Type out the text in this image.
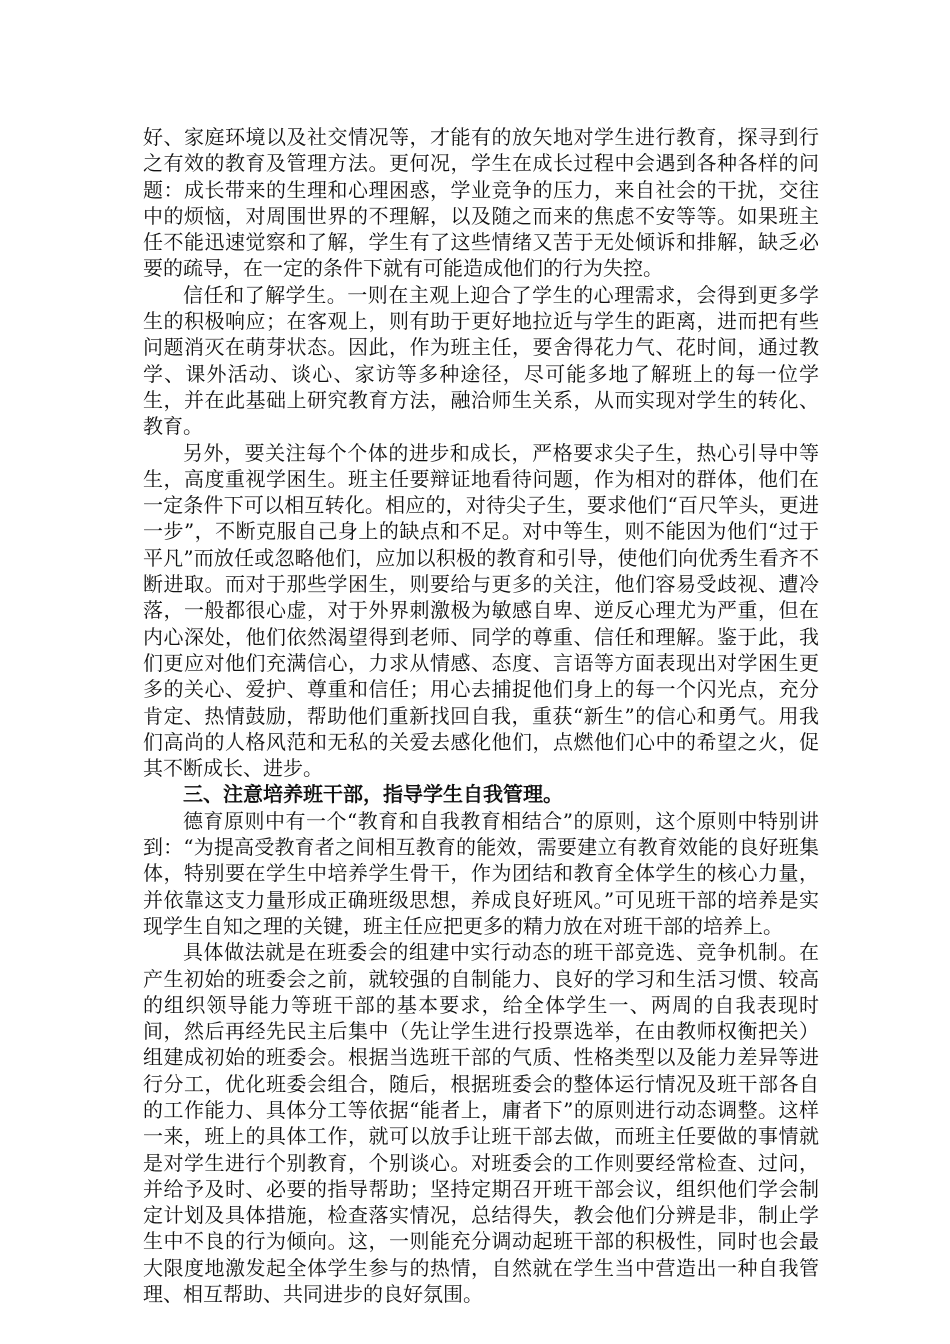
好、家庭环境以及社交情况等，才能有的放矢地对学生进行教育，探寻到行之有效的教育及管理方法。更何况，学生在成长过程中会遇到各种各样的问题：成长带来的生理和心理困惑，学业竞争的压力，来自社会的干扰，交往中的烦恼，对周围世界的不理解，以及随之而来的焦虑不安等等。如果班主任不能迅速觉察和了解，学生有了这些情绪又苦于无处倾诉和排解，缺乏必要的疏导，在一定的条件下就有可能造成他们的行为失控。

信任和了解学生。一则在主观上迎合了学生的心理需求，会得到更多学生的积极响应；在客观上，则有助于更好地拉近与学生的距离，进而把有些问题消灭在萌芽状态。因此，作为班主任，要舍得花力气、花时间，通过教学、课外活动、谈心、家访等多种途径，尽可能多地了解班上的每一位学生，并在此基础上研究教育方法，融洽师生关系，从而实现对学生的转化、教育。

另外，要关注每个个体的进步和成长，严格要求尖子生，热心引导中等生，高度重视学困生。班主任要辩证地看待问题，作为相对的群体，他们在一定条件下可以相互转化。相应的，对待尖子生，要求他们“百尺竿头，更进一步”，不断克服自己身上的缺点和不足。对中等生，则不能因为他们“过于平凡”而放任或忽略他们，应加以积极的教育和引导，使他们向优秀生看齐不断进取。而对于那些学困生，则要给与更多的关注，他们容易受歧视、遭冷落，一般都很心虚，对于外界刺激极为敏感自卑、逆反心理尤为严重，但在内心深处，他们依然渴望得到老师、同学的尊重、信任和理解。鉴于此，我们更应对他们充满信心，力求从情感、态度、言语等方面表现出对学困生更多的关心、爱护、尊重和信任；用心去捕捉他们身上的每一个闪光点，充分肯定、热情鼓励，帮助他们重新找回自我，重获“新生”的信心和勇气。用我们高尚的人格风范和无私的关爱去感化他们，点燃他们心中的希望之火，促其不断成长、进步。

三、注意培养班干部，指导学生自我管理。

德育原则中有一个“教育和自我教育相结合”的原则，这个原则中特别讲到：“为提高受教育者之间相互教育的能效，需要建立有教育效能的良好班集体，特别要在学生中培养学生骨干，作为团结和教育全体学生的核心力量，并依靠这支力量形成正确班级思想，养成良好班风。”可见班干部的培养是实现学生自知之理的关键，班主任应把更多的精力放在对班干部的培养上。

具体做法就是在班委会的组建中实行动态的班干部竞选、竞争机制。在产生初始的班委会之前，就较强的自制能力、良好的学习和生活习惯、较高的组织领导能力等班干部的基本要求，给全体学生一、两周的自我表现时间，然后再经先民主后集中（先让学生进行投票选举，在由教师权衡把关）组建成初始的班委会。根据当选班干部的气质、性格类型以及能力差异等进行分工，优化班委会组合，随后，根据班委会的整体运行情况及班干部各自的工作能力、具体分工等依据“能者上，庸者下”的原则进行动态调整。这样一来，班上的具体工作，就可以放手让班干部去做，而班主任要做的事情就是对学生进行个别教育，个别谈心。对班委会的工作则要经常检查、过问，并给予及时、必要的指导帮助；坚持定期召开班干部会议，组织他们学会制定计划及具体措施，检查落实情况，总结得失，教会他们分辨是非，制止学生中不良的行为倾向。这，一则能充分调动起班干部的积极性，同时也会最大限度地激发起全体学生参与的热情，自然就在学生当中营造出一种自我管理、相互帮助、共同进步的良好氛围。
